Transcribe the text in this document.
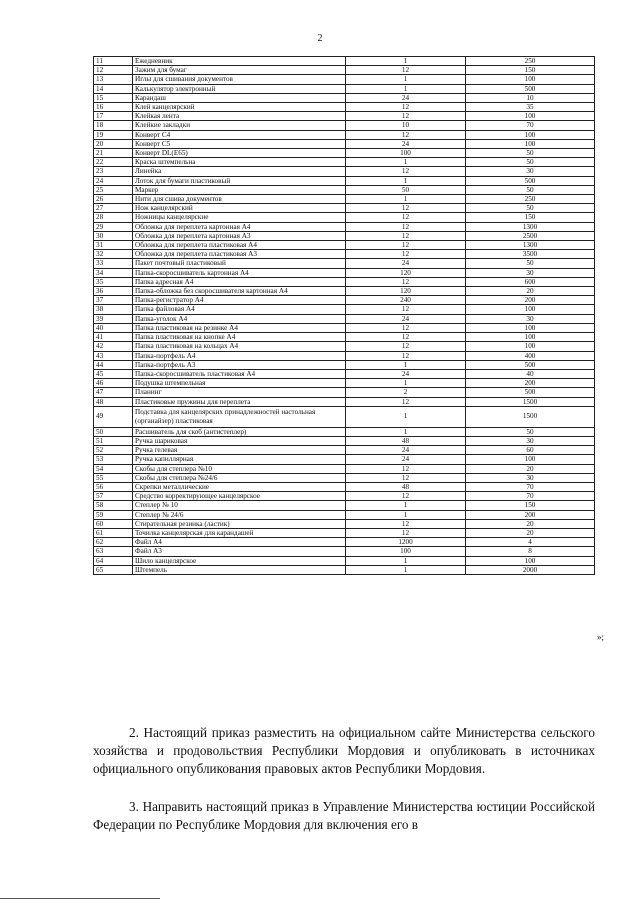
2
11	Ежедневник	1	250
12	Зажим для бумаг	12	150
13	Иглы для сшивания документов	1	100
14	Калькулятор электронный	1	500
15	Карандаш	24	10
16	Клей канцелярский	12	35
17	Клейкая лента	12	100
18	Клейкие закладки	10	70
19	Конверт С4	12	100
20	Конверт С5	24	100
21	Конверт DL(E65)	100	50
22	Краска штемпельна	1	50
23	Линейка	12	30
24	Лоток для бумаги пластиковый	1	500
25	Маркер	50	50
26	Нити для сшива документов	1	250
27	Нож канцелярский	12	50
28	Ножницы канцелярские	12	150
29	Обложка для переплета картонная А4	12	1300
30	Обложка для переплета картонная А3	12	2500
31	Обложка для переплета пластиковая А4	12	1300
32	Обложка для переплета пластиковая А3	12	3500
33	Пакет почтовый пластиковый	24	50
34	Папка-скоросшиватель картонная А4	120	30
35	Папка адресная А4	12	600
36	Папка-обложка без скоросшивателя картонная А4	120	20
37	Папка-регистратор А4	240	200
38	Папка файловая А4	12	100
39	Папка-уголок А4	24	30
40	Папка пластиковая на резинке А4	12	100
41	Папка пластиковая на кнопке А4	12	100
42	Папка пластиковая на кольцах А4	12	100
43	Папка-портфель А4	12	400
44	Папка-портфель А3	1	500
45	Папка-скоросшиватель пластиковая А4	24	40
46	Подушка штемпельная	1	200
47	Планинг	2	500
48	Пластиковые пружины для переплета	12	1500
49	Подставка для канцелярских принадлежностей настольная (органайзер) пластиковая	1	1500
50	Расшиватель для скоб (антистеплер)	1	50
51	Ручка шариковая	48	30
52	Ручка гелевая	24	60
53	Ручка капиллярная	24	100
54	Скобы для степлера №10	12	20
55	Скобы для степлера №24/6	12	30
56	Скрепки металлические	48	70
57	Средство корректирующее канцелярское	12	70
58	Степлер № 10	1	150
59	Степлер № 24/6	1	200
60	Стирательная резинка (ластик)	12	20
61	Точилка канцелярская для карандашей	12	20
62	Файл А4	1200	4
63	Файл А3	100	8
64	Шило канцелярское	1	100
65	Штемпель	1	2000
»;

2. Настоящий приказ разместить на официальном сайте Министерства сельского хозяйства и продовольствия Республики Мордовия и опубликовать в источниках официального опубликования правовых актов Республики Мордовия.

3. Направить настоящий приказ в Управление Министерства юстиции Российской Федерации по Республике Мордовия для включения его в
